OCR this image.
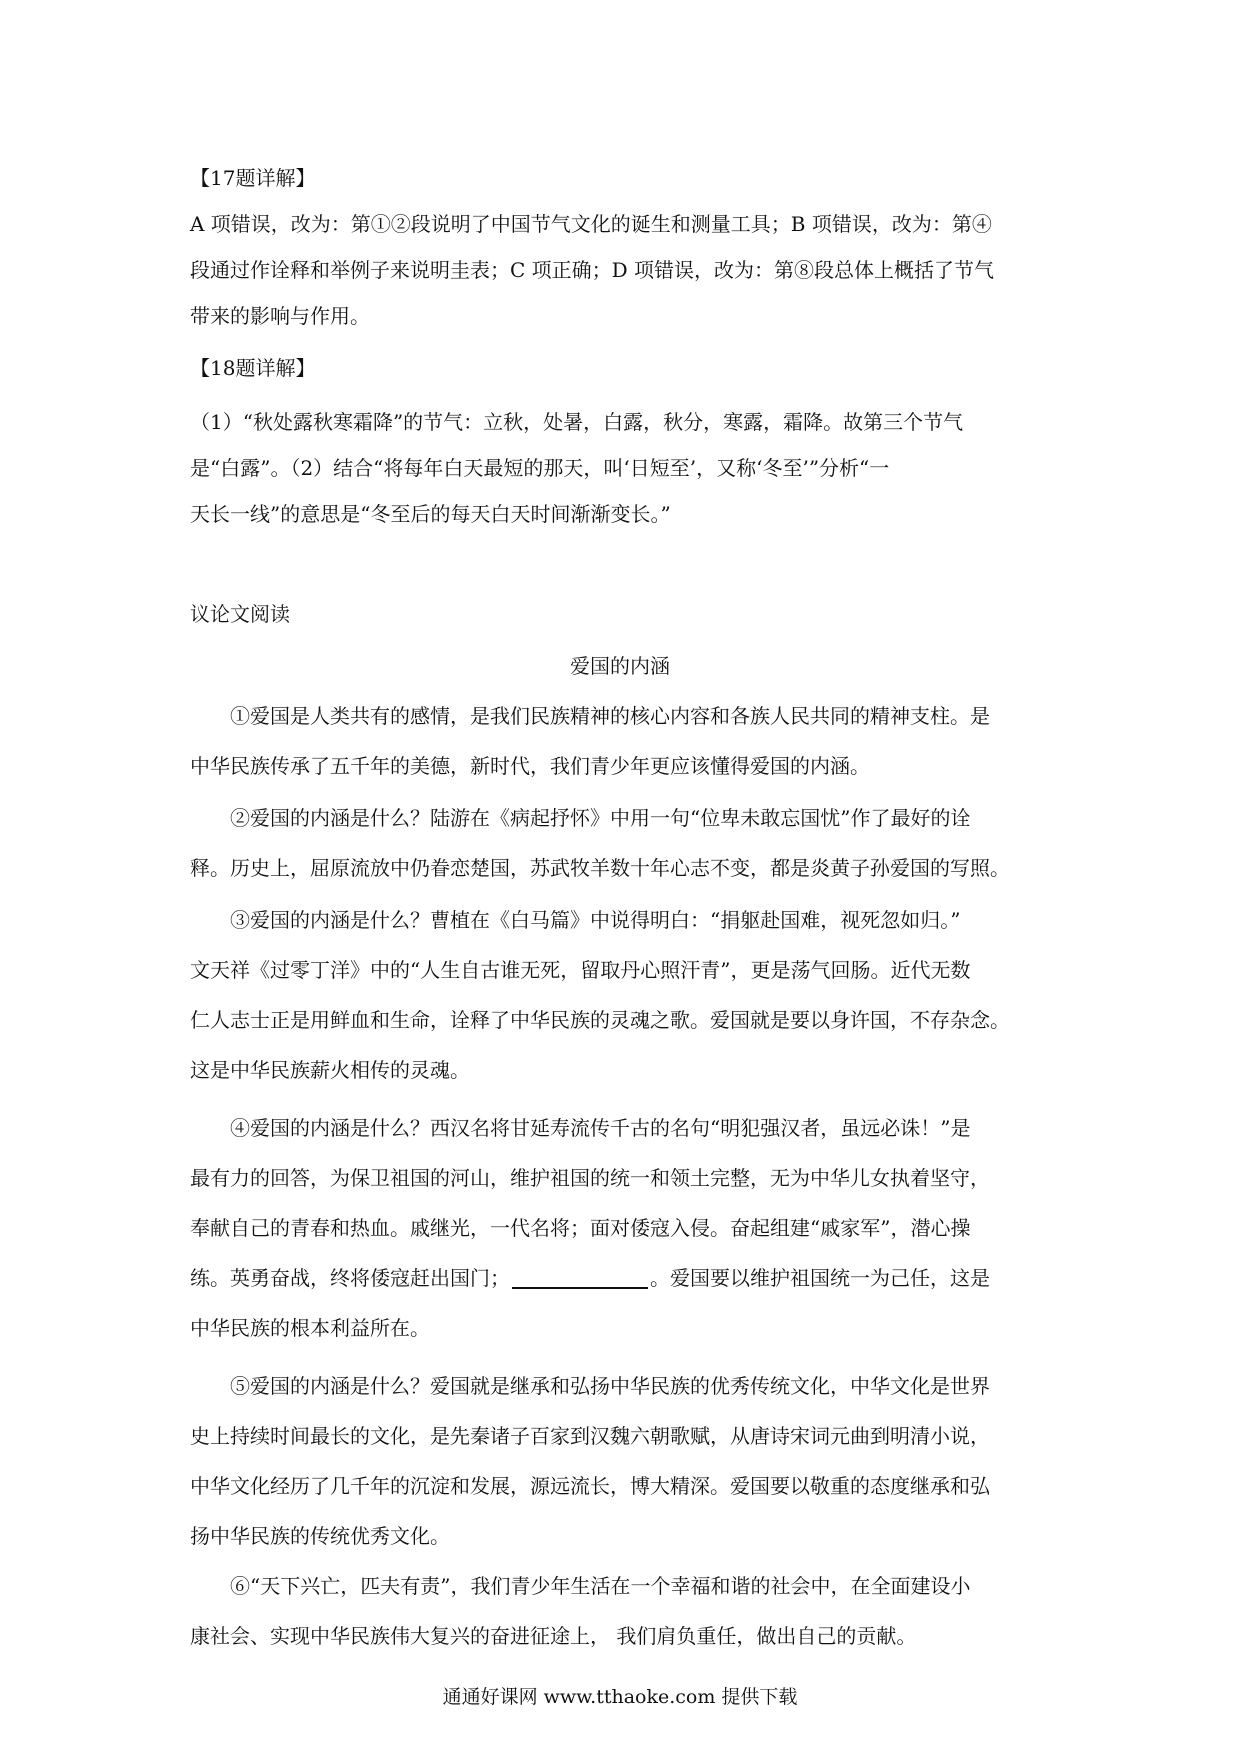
【17题详解】
A 项错误，改为：第①②段说明了中国节气文化的诞生和测量工具；B 项错误，改为：第④
段通过作诠释和举例子来说明圭表；C 项正确；D 项错误，改为：第⑧段总体上概括了节气
带来的影响与作用。
【18题详解】
（1）“秋处露秋寒霜降”的节气：立秋，处暑，白露，秋分，寒露，霜降。故第三个节气
是“白露”。（2）结合“将每年白天最短的那天，叫‘日短至’，又称‘冬至’”分析“一
天长一线”的意思是“冬至后的每天白天时间渐渐变长。”
议论文阅读
爱国的内涵
①爱国是人类共有的感情，是我们民族精神的核心内容和各族人民共同的精神支柱。是
中华民族传承了五千年的美德，新时代，我们青少年更应该懂得爱国的内涵。
②爱国的内涵是什么？陆游在《病起抒怀》中用一句“位卑未敢忘国忧”作了最好的诠
释。历史上，屈原流放中仍眷恋楚国，苏武牧羊数十年心志不变，都是炎黄子孙爱国的写照。
③爱国的内涵是什么？曹植在《白马篇》中说得明白：“捐躯赴国难，视死忽如归。”
文天祥《过零丁洋》中的“人生自古谁无死，留取丹心照汗青”，更是荡气回肠。近代无数
仁人志士正是用鲜血和生命，诠释了中华民族的灵魂之歌。爱国就是要以身许国，不存杂念。
这是中华民族薪火相传的灵魂。
④爱国的内涵是什么？西汉名将甘延寿流传千古的名句“明犯强汉者，虽远必诛！”是
最有力的回答，为保卫祖国的河山，维护祖国的统一和领土完整，无为中华儿女执着坚守，
奉献自己的青春和热血。戚继光，一代名将；面对倭寇入侵。奋起组建“戚家军”，潜心操
练。英勇奋战，终将倭寇赶出国门；	。爱国要以维护祖国统一为己任，这是
中华民族的根本利益所在。
⑤爱国的内涵是什么？爱国就是继承和弘扬中华民族的优秀传统文化，中华文化是世界
史上持续时间最长的文化，是先秦诸子百家到汉魏六朝歌赋，从唐诗宋词元曲到明清小说，
中华文化经历了几千年的沉淀和发展，源远流长，博大精深。爱国要以敬重的态度继承和弘
扬中华民族的传统优秀文化。
⑥“天下兴亡，匹夫有责”，我们青少年生活在一个幸福和谐的社会中，在全面建设小
康社会、实现中华民族伟大复兴的奋进征途上， 我们肩负重任，做出自己的贡献。
通通好课网 www.tthaoke.com 提供下载
